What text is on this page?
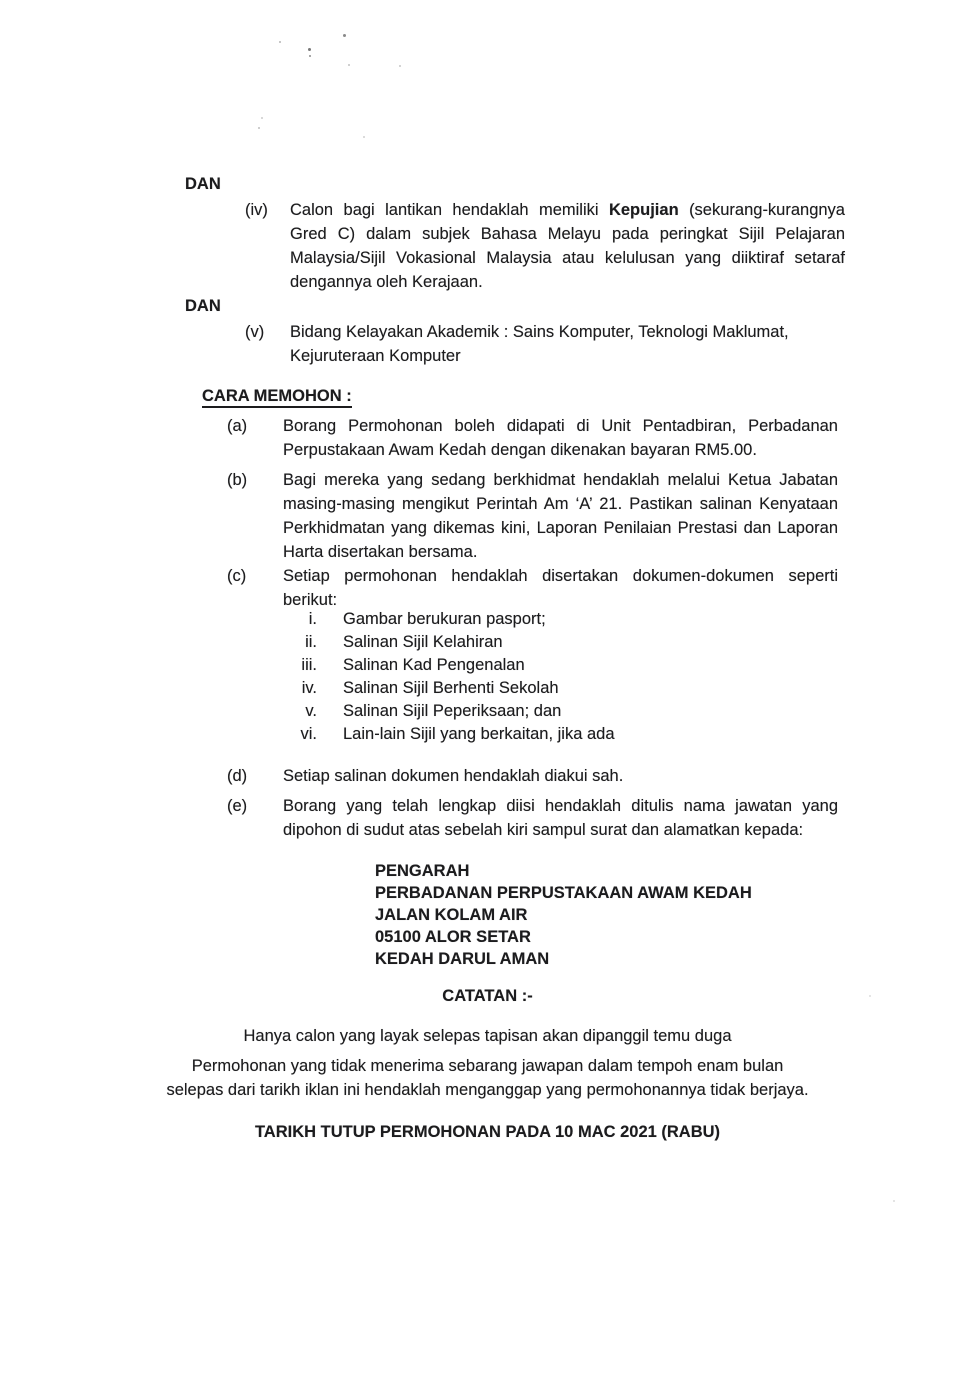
DAN
(iv)	Calon bagi lantikan hendaklah memiliki Kepujian (sekurang-kurangnya Gred C) dalam subjek Bahasa Melayu pada peringkat Sijil Pelajaran Malaysia/Sijil Vokasional Malaysia atau kelulusan yang diiktiraf setaraf dengannya oleh Kerajaan.
DAN
(v)	Bidang Kelayakan Akademik : Sains Komputer, Teknologi Maklumat, Kejuruteraan Komputer
CARA MEMOHON :
(a)	Borang Permohonan boleh didapati di Unit Pentadbiran, Perbadanan Perpustakaan Awam Kedah dengan dikenakan bayaran RM5.00.
(b)	Bagi mereka yang sedang berkhidmat hendaklah melalui Ketua Jabatan masing-masing mengikut Perintah Am ‘A’ 21. Pastikan salinan Kenyataan Perkhidmatan yang dikemas kini, Laporan Penilaian Prestasi dan Laporan Harta disertakan bersama.
(c)	Setiap permohonan hendaklah disertakan dokumen-dokumen seperti berikut:
i. Gambar berukuran pasport;
ii. Salinan Sijil Kelahiran
iii. Salinan Kad Pengenalan
iv. Salinan Sijil Berhenti Sekolah
v. Salinan Sijil Peperiksaan; dan
vi. Lain-lain Sijil yang berkaitan, jika ada
(d)	Setiap salinan dokumen hendaklah diakui sah.
(e)	Borang yang telah lengkap diisi hendaklah ditulis nama jawatan yang dipohon di sudut atas sebelah kiri sampul surat dan alamatkan kepada:
PENGARAH
PERBADANAN PERPUSTAKAAN AWAM KEDAH
JALAN KOLAM AIR
05100 ALOR SETAR
KEDAH DARUL AMAN
CATATAN :-
Hanya calon yang layak selepas tapisan akan dipanggil temu duga
Permohonan yang tidak menerima sebarang jawapan dalam tempoh enam bulan
selepas dari tarikh iklan ini hendaklah menganggap yang permohonannya tidak berjaya.
TARIKH TUTUP PERMOHONAN PADA 10 MAC 2021 (RABU)
